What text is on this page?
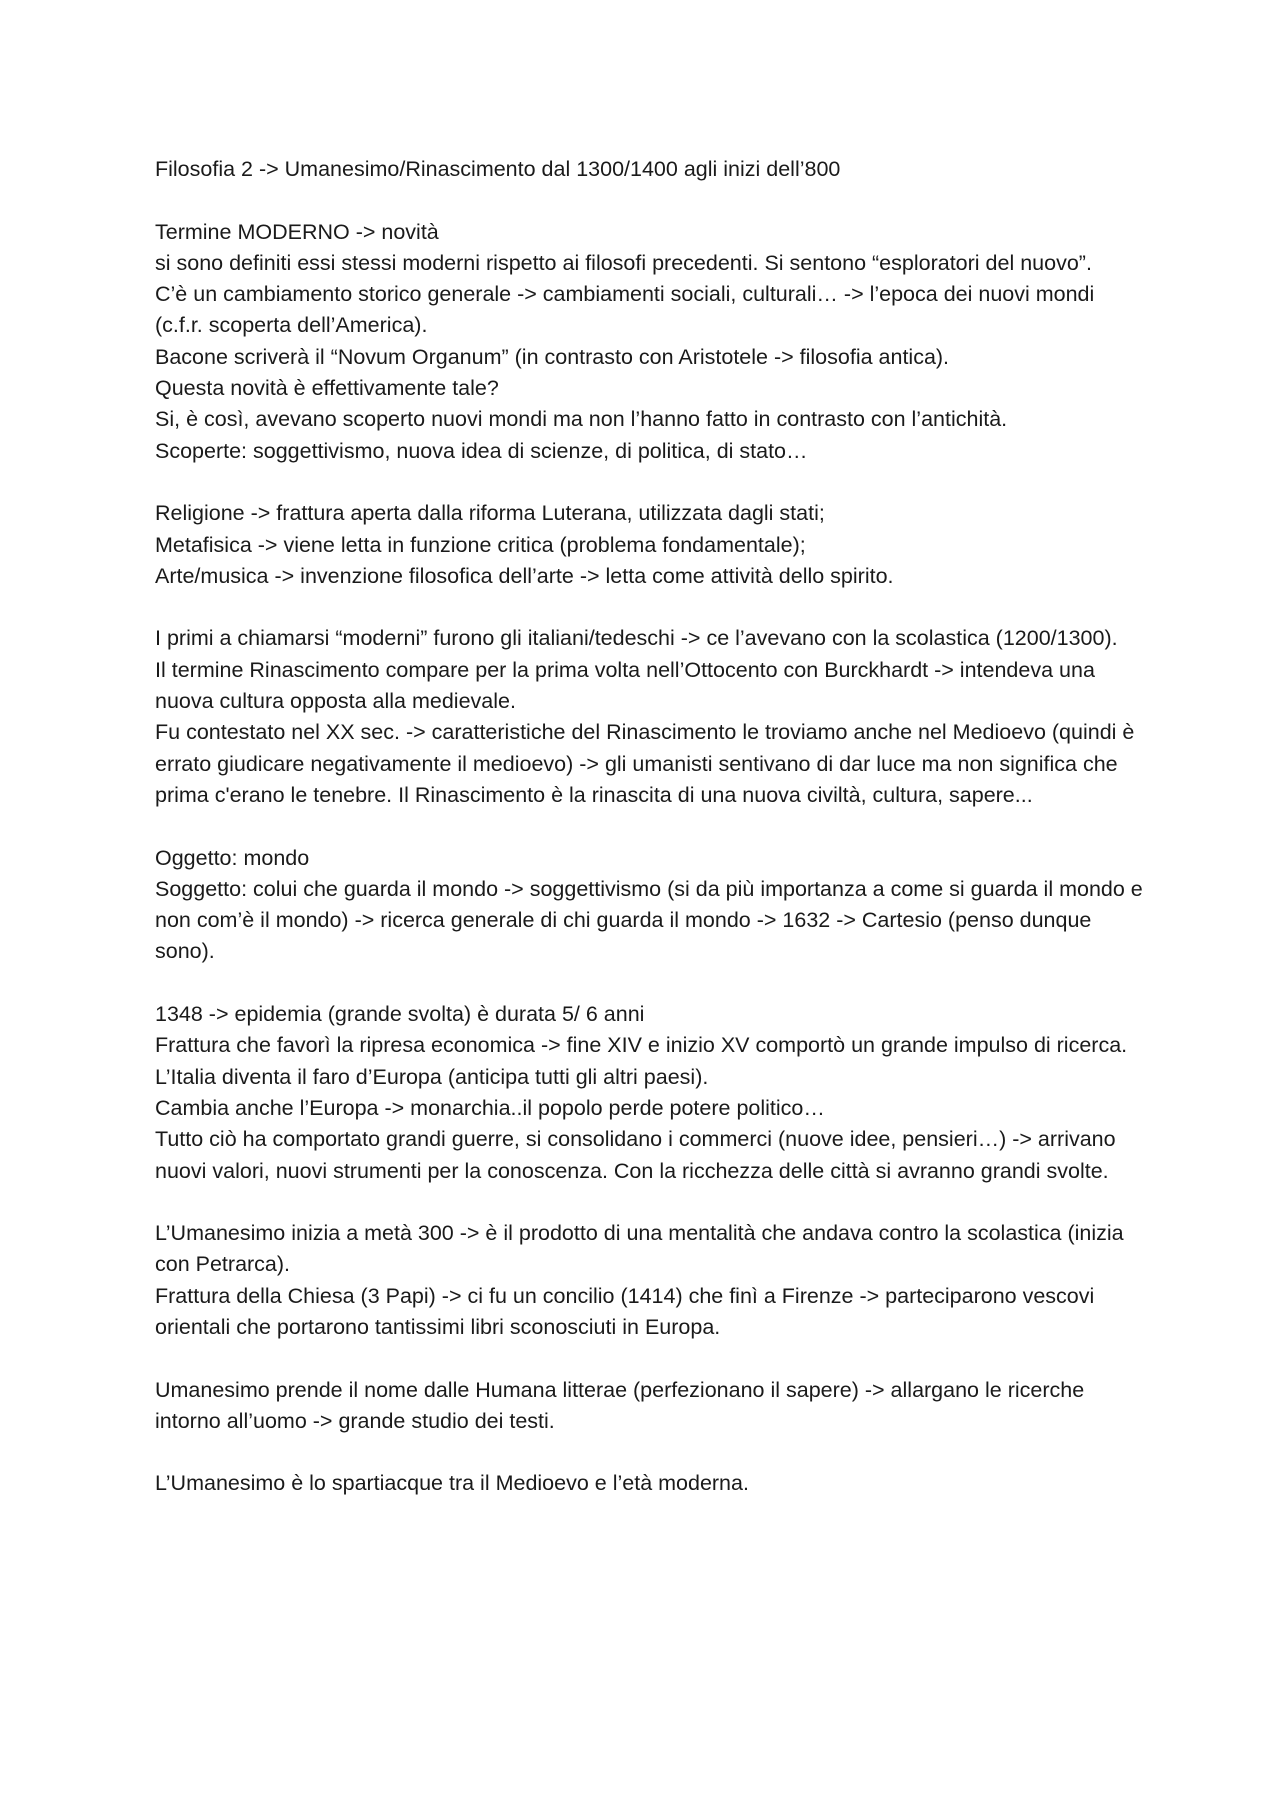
Filosofia 2 -> Umanesimo/Rinascimento dal 1300/1400 agli inizi dell’800

Termine MODERNO -> novità

si sono definiti essi stessi moderni rispetto ai filosofi precedenti. Si sentono “esploratori del nuovo”.

C’è un cambiamento storico generale -> cambiamenti sociali, culturali… -> l’epoca dei nuovi mondi (c.f.r. scoperta dell’America).

Bacone scriverà il “Novum Organum” (in contrasto con Aristotele -> filosofia antica).

Questa novità è effettivamente tale?

Si, è così, avevano scoperto nuovi mondi ma non l’hanno fatto in contrasto con l’antichità.

Scoperte: soggettivismo, nuova idea di scienze, di politica, di stato…

Religione -> frattura aperta dalla riforma Luterana, utilizzata dagli stati;

Metafisica -> viene letta in funzione critica (problema fondamentale);

Arte/musica -> invenzione filosofica dell’arte -> letta come attività dello spirito.

I primi a chiamarsi “moderni” furono gli italiani/tedeschi -> ce l’avevano con la scolastica (1200/1300).

Il termine Rinascimento compare per la prima volta nell’Ottocento con Burckhardt -> intendeva una nuova cultura opposta alla medievale.

Fu contestato nel XX sec. -> caratteristiche del Rinascimento le troviamo anche nel Medioevo (quindi è errato giudicare negativamente il medioevo) -> gli umanisti sentivano di dar luce ma non significa che prima c'erano le tenebre. Il Rinascimento è la rinascita di una nuova civiltà, cultura, sapere...

Oggetto: mondo

Soggetto: colui che guarda il mondo -> soggettivismo (si da più importanza a come si guarda il mondo e non com’è il mondo) -> ricerca generale di chi guarda il mondo -> 1632 -> Cartesio (penso dunque sono).

1348 -> epidemia (grande svolta) è durata 5/ 6 anni

Frattura che favorì la ripresa economica -> fine XIV e inizio XV comportò un grande impulso di ricerca.

L’Italia diventa il faro d’Europa (anticipa tutti gli altri paesi).

Cambia anche l’Europa -> monarchia..il popolo perde potere politico…

Tutto ciò ha comportato grandi guerre, si consolidano i commerci (nuove idee, pensieri…) -> arrivano nuovi valori, nuovi strumenti per la conoscenza. Con la ricchezza delle città si avranno grandi svolte.

L’Umanesimo inizia a metà 300 -> è il prodotto di una mentalità che andava contro la scolastica (inizia con Petrarca).

Frattura della Chiesa (3 Papi) -> ci fu un concilio (1414) che finì a Firenze -> parteciparono vescovi orientali che portarono tantissimi libri sconosciuti in Europa.

Umanesimo prende il nome dalle Humana litterae (perfezionano il sapere) -> allargano le ricerche intorno all’uomo -> grande studio dei testi.

L’Umanesimo è lo spartiacque tra il Medioevo e l’età moderna.
